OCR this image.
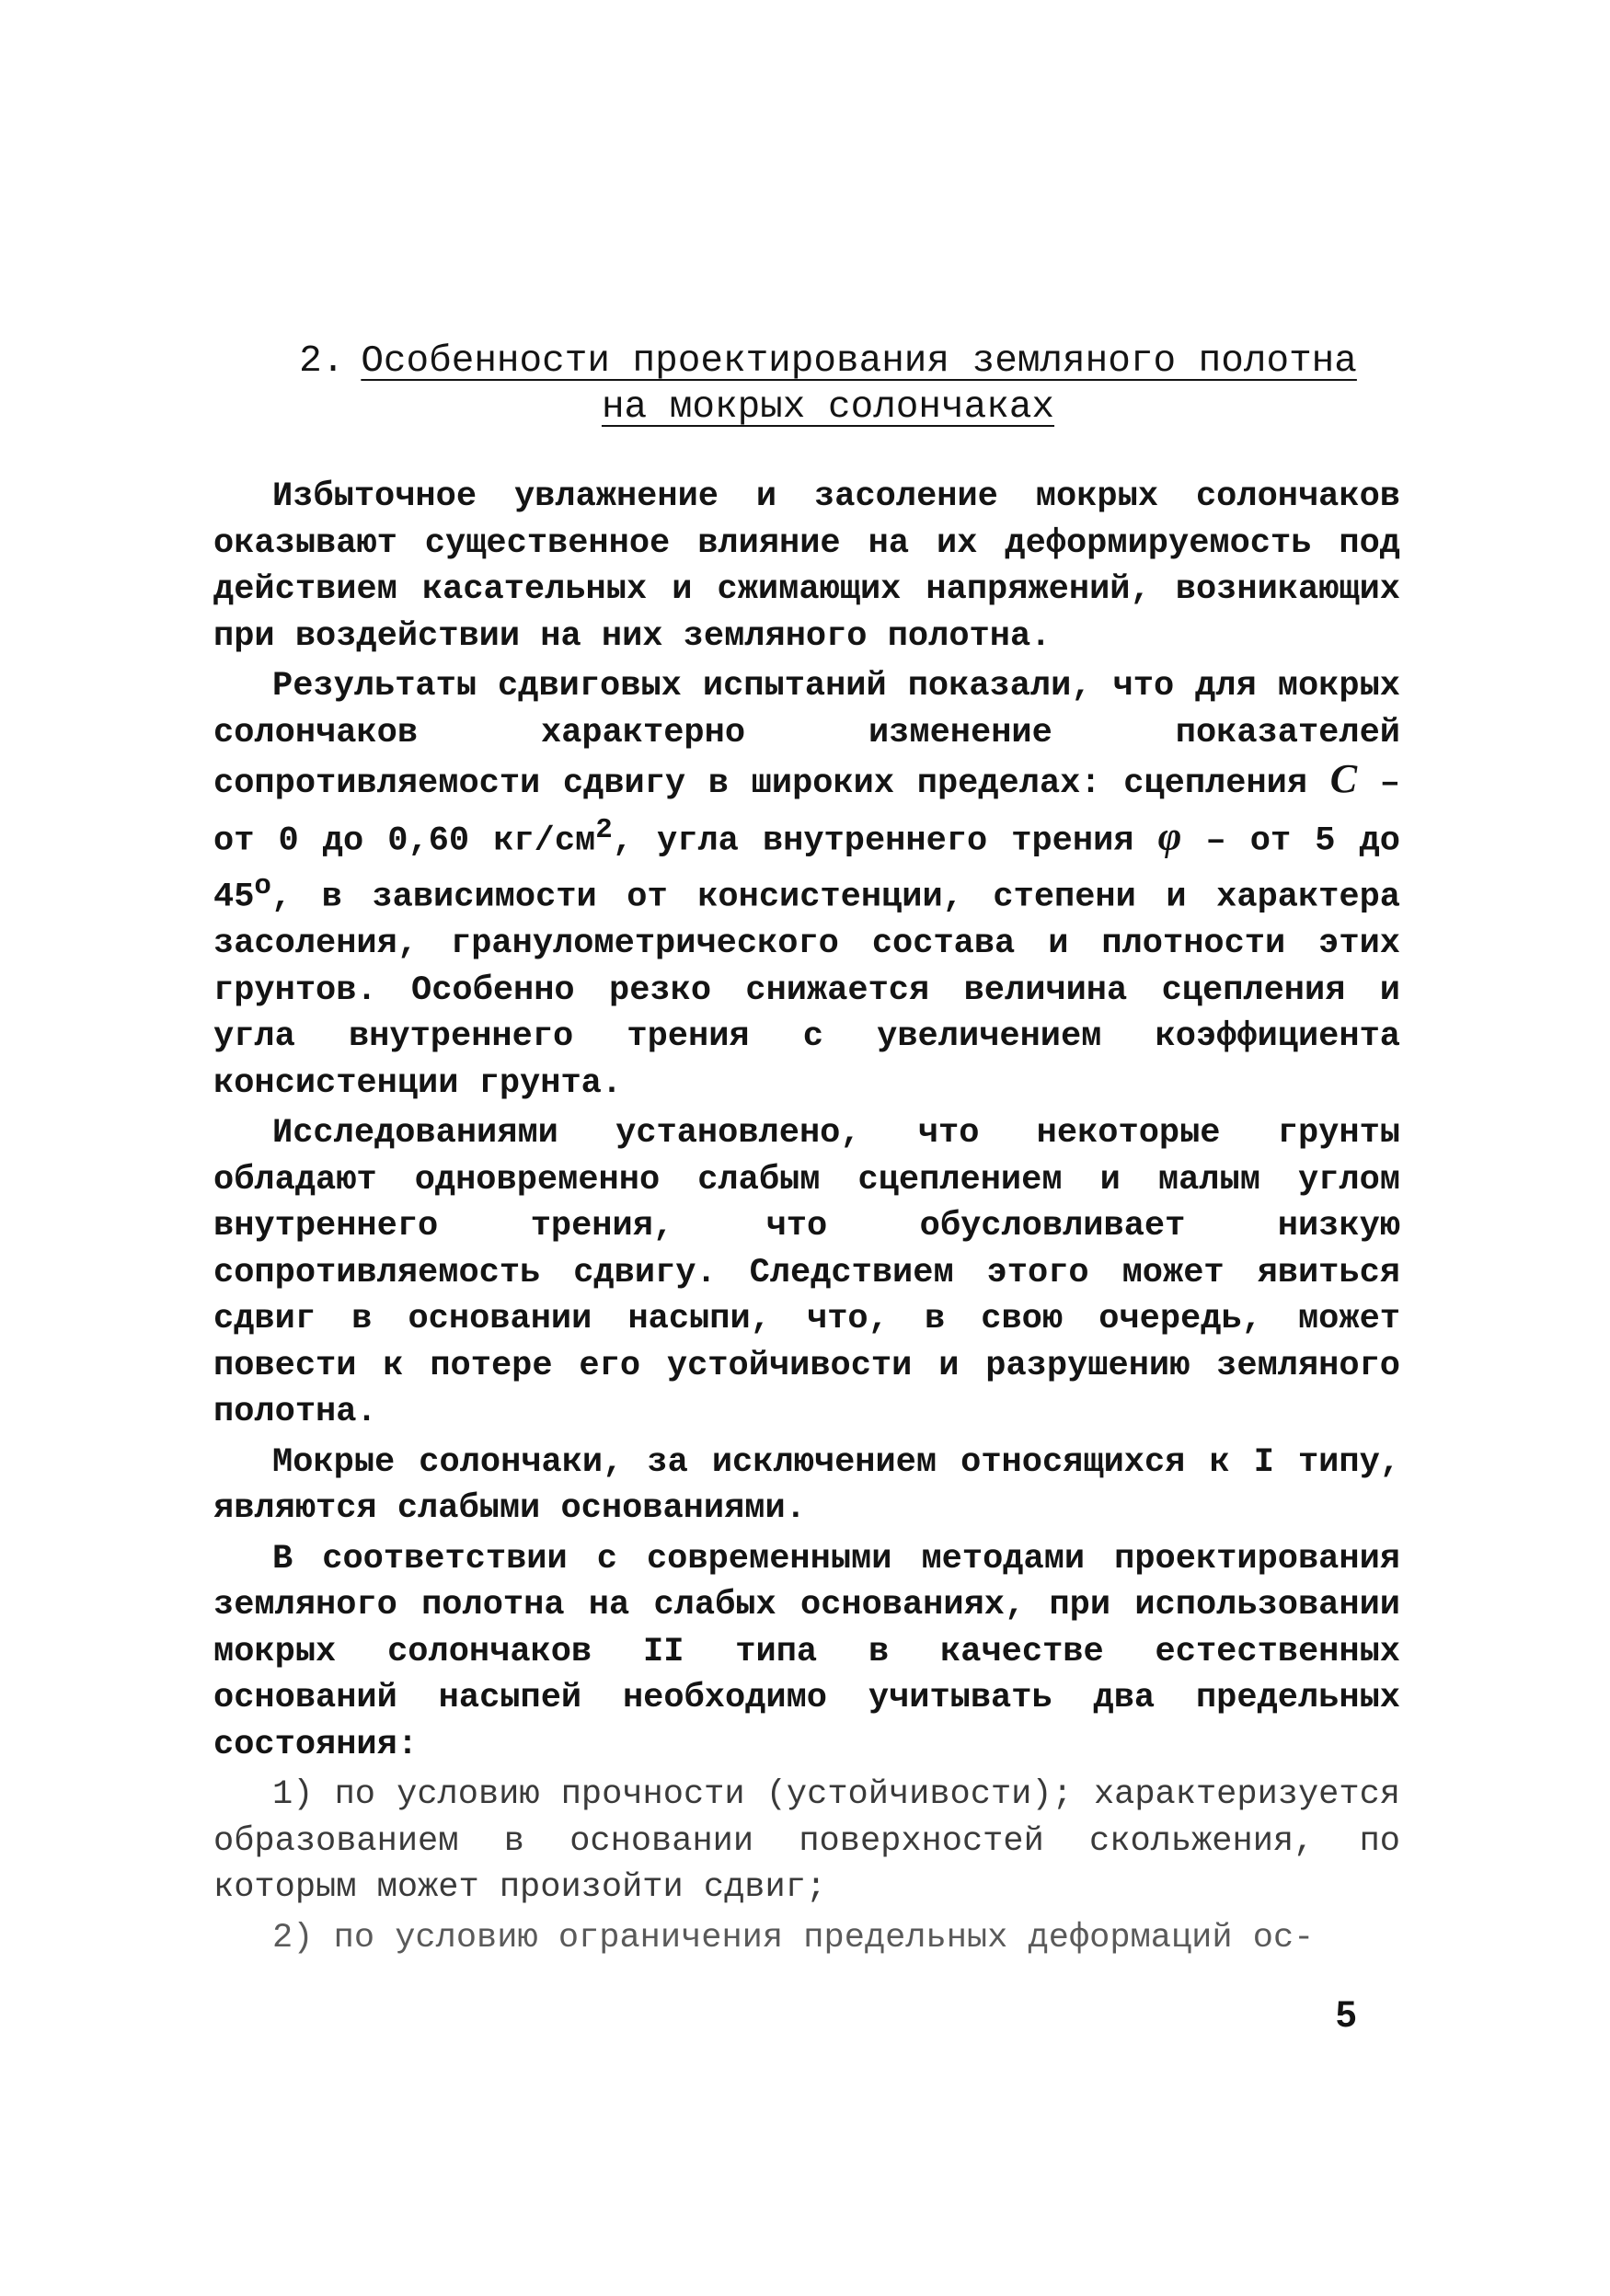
2. Особенности проектирования земляного полотна
на мокрых солончаках

Избыточное увлажнение и засоление мокрых солончаков оказывают существенное влияние на их деформируемость под действием касательных и сжимающих напряжений, возникающих при воздействии на них земляного полотна.

Результаты сдвиговых испытаний показали, что для мокрых солончаков характерно изменение показателей сопротивляемости сдвигу в широких пределах: сцепления C – от 0 до 0,60 $кг/см^2$, угла внутреннего трения φ – от 5 до $45^о$, в зависимости от консистенции, степени и характера засоления, гранулометрического состава и плотности этих грунтов. Особенно резко снижается величина сцепления и угла внутреннего трения с увеличением коэффициента консистенции грунта.

Исследованиями установлено, что некоторые грунты обладают одновременно слабым сцеплением и малым углом внутреннего трения, что обусловливает низкую сопротивляемость сдвигу. Следствием этого может явиться сдвиг в основании насыпи, что, в свою очередь, может повести к потере его устойчивости и разрушению земляного полотна.

Мокрые солончаки, за исключением относящихся к I типу, являются слабыми основаниями.

В соответствии с современными методами проектирования земляного полотна на слабых основаниях, при использовании мокрых солончаков II типа в качестве естественных оснований насыпей необходимо учитывать два предельных состояния:

1) по условию прочности (устойчивости); характеризуется образованием в основании поверхностей скольжения, по которым может произойти сдвиг;

2) по условию ограничения предельных деформаций ос-

5
